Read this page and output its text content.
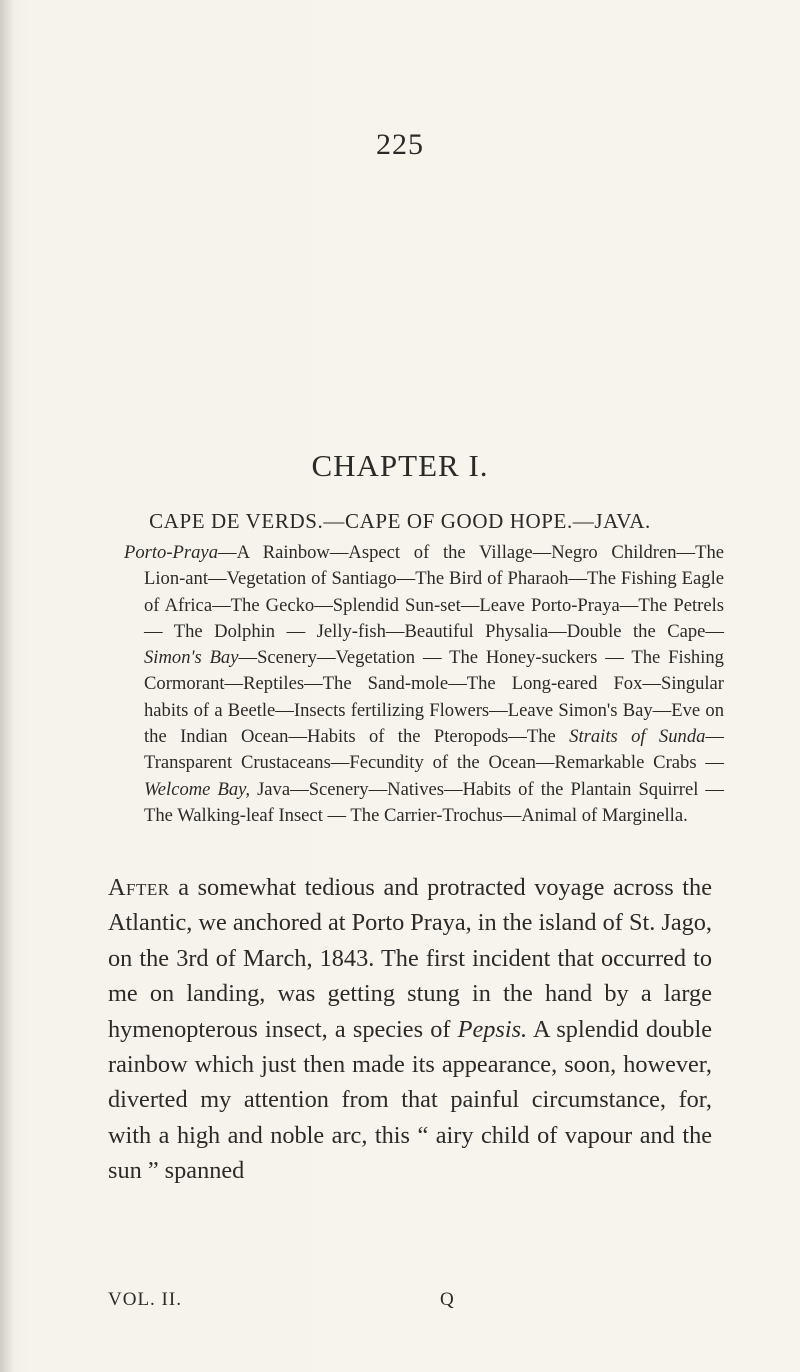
225
CHAPTER I.
CAPE DE VERDS.—CAPE OF GOOD HOPE.—JAVA.
Porto-Praya—A Rainbow—Aspect of the Village—Negro Children—The Lion-ant—Vegetation of Santiago—The Bird of Pharaoh—The Fishing Eagle of Africa—The Gecko—Splendid Sun-set—Leave Porto-Praya—The Petrels — The Dolphin — Jelly-fish—Beautiful Physalia—Double the Cape—Simon's Bay—Scenery—Vegetation — The Honey-suckers — The Fishing Cormorant—Reptiles—The Sand-mole—The Long-eared Fox—Singular habits of a Beetle—Insects fertilizing Flowers—Leave Simon's Bay—Eve on the Indian Ocean—Habits of the Pteropods—The Straits of Sunda—Transparent Crustaceans—Fecundity of the Ocean—Remarkable Crabs — Welcome Bay, Java—Scenery—Natives—Habits of the Plantain Squirrel — The Walking-leaf Insect — The Carrier-Trochus—Animal of Marginella.

After a somewhat tedious and protracted voyage across the Atlantic, we anchored at Porto Praya, in the island of St. Jago, on the 3rd of March, 1843. The first incident that occurred to me on landing, was getting stung in the hand by a large hymenopterous insect, a species of Pepsis. A splendid double rainbow which just then made its appearance, soon, however, diverted my attention from that painful circumstance, for, with a high and noble arc, this “ airy child of vapour and the sun ” spanned

VOL. II.	Q
